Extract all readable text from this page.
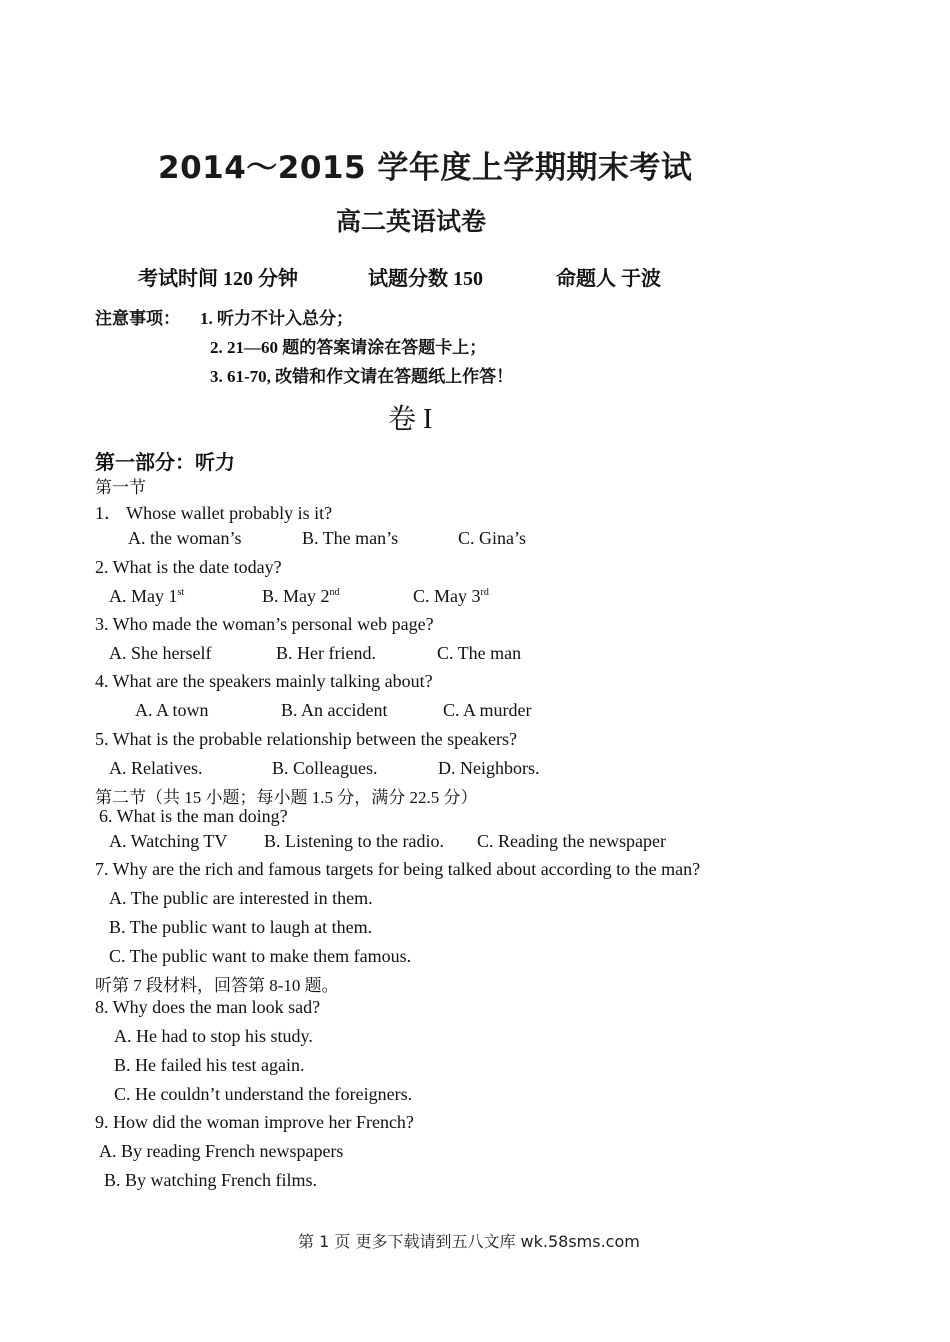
2014～2015 学年度上学期期末考试
高二英语试卷
考试时间 120 分钟	试题分数 150	命题人 于波
注意事项： 1. 听力不计入总分；
2. 21—60 题的答案请涂在答题卡上；
3. 61-70, 改错和作文请在答题纸上作答！
卷 I
第一部分：听力
第一节
1． Whose wallet probably is it?
A. the woman’s	B. The man’s	C. Gina’s
2. What is the date today?
A. May 1st	B. May 2nd	C. May 3rd
3. Who made the woman’s personal web page?
A. She herself	B. Her friend.	C. The man
4. What are the speakers mainly talking about?
A. A town	B. An accident	C. A murder
5. What is the probable relationship between the speakers?
A. Relatives.	B. Colleagues.	D. Neighbors.
第二节（共 15 小题；每小题 1.5 分，满分 22.5 分）
6. What is the man doing?
A. Watching TV B. Listening to the radio. C. Reading the newspaper
7. Why are the rich and famous targets for being talked about according to the man?
A. The public are interested in them.
B. The public want to laugh at them.
C. The public want to make them famous.
听第 7 段材料，回答第 8-10 题。
8. Why does the man look sad?
A. He had to stop his study.
B. He failed his test again.
C. He couldn’t understand the foreigners.
9. How did the woman improve her French?
A. By reading French newspapers
B. By watching French films.
第 1 页 更多下载请到五八文库 wk.58sms.com
